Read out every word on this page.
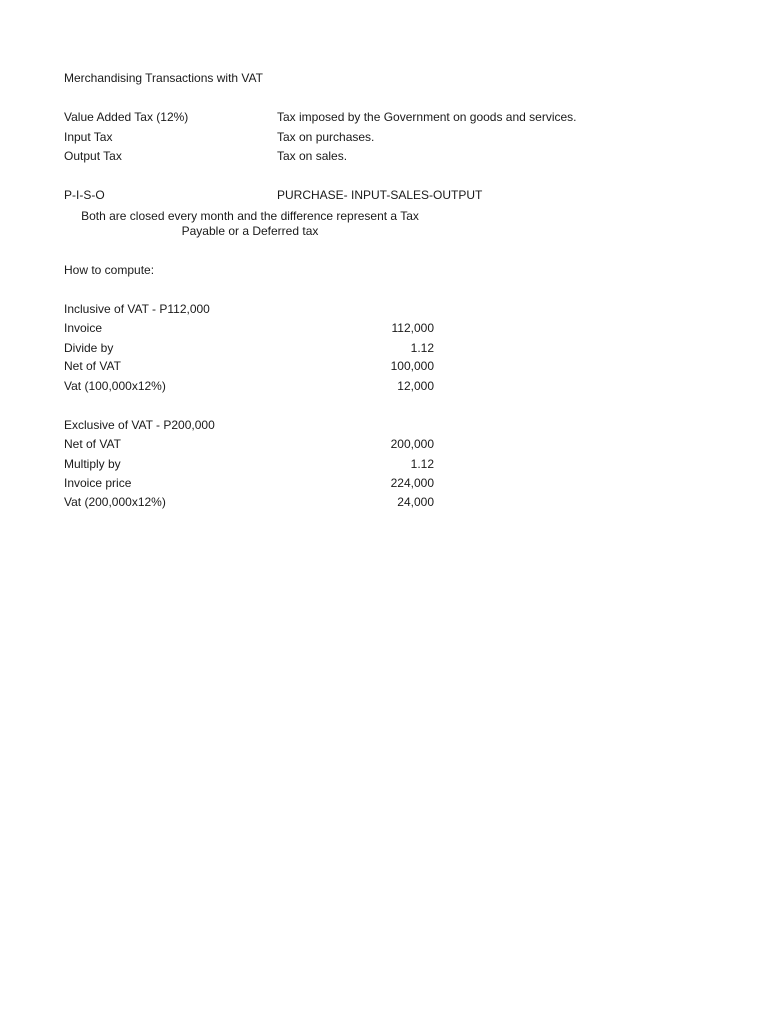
Merchandising Transactions with VAT
Value Added Tax (12%)	Tax imposed by the Government on goods and services.
Input Tax	Tax on purchases.
Output Tax	Tax on sales.
P-I-S-O	PURCHASE- INPUT-SALES-OUTPUT
Both are closed every month and the difference represent a Tax
Payable or a Deferred tax
How to compute:
Inclusive of VAT - P112,000
Invoice	112,000
Divide by	1.12
Net of VAT	100,000
Vat (100,000x12%)	12,000
Exclusive of VAT - P200,000
Net of VAT	200,000
Multiply by	1.12
Invoice price	224,000
Vat (200,000x12%)	24,000
